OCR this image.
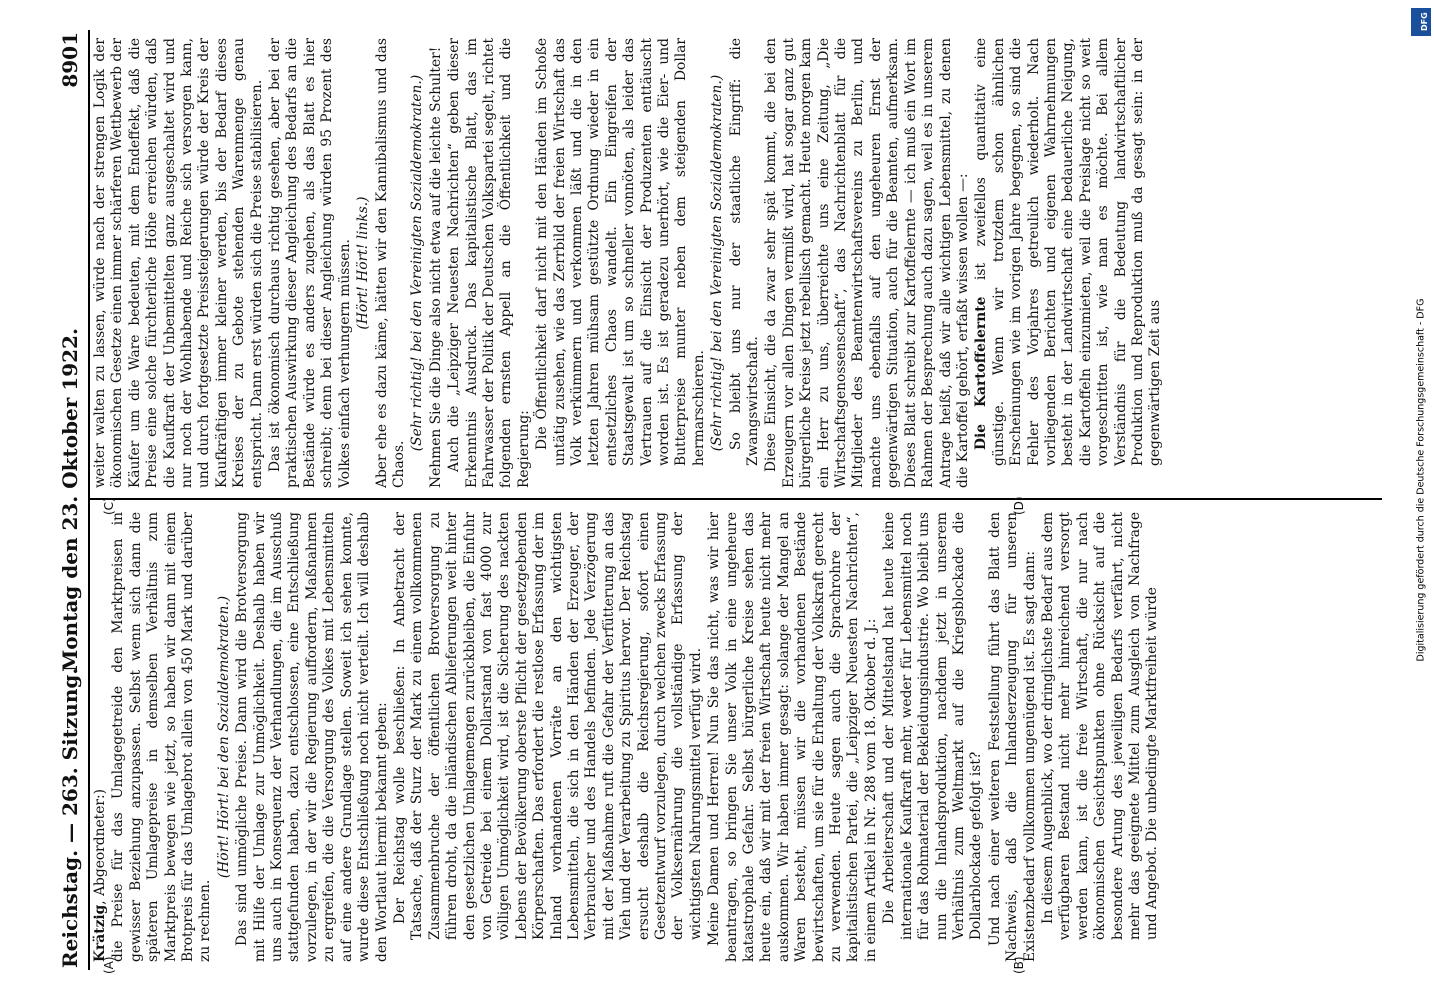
Reichstag. — 263. Sitzung.
Montag den 23. Oktober 1922.
8901
(A)	(B)
(C)	(D)

Krätzig, Abgeordneter:) die Preise für das Umlagegetreide den Marktpreisen in gewisser Beziehung anzupassen. Selbst wenn sich dann die späteren Umlagepreise in demselben Verhältnis zum Marktpreis bewegen wie jetzt, so haben wir dann mit einem Brotpreis für das Umlagebrot allein von 450 Mark und darüber zu rechnen.

(Hört! Hört! bei den Sozialdemokraten.) Das sind unmögliche Preise. Dann wird die Brotversorgung mit Hilfe der Umlage zur Unmöglichkeit. Deshalb haben wir uns auch in Konsequenz der Verhandlungen, die im Ausschuß stattgefunden haben, dazu entschlossen, eine Entschließung vorzulegen, in der wir die Regierung auffordern, Maßnahmen zu ergreifen, die die Versorgung des Volkes mit Lebensmitteln auf eine andere Grundlage stellen. Soweit ich sehen konnte, wurde diese Entschließung noch nicht verteilt. Ich will deshalb den Wortlaut hiermit bekannt geben: Der Reichstag wolle beschließen: In Anbetracht der Tatsache, daß der Sturz der Mark zu einem vollkommenen Zusammenbruche der öffentlichen Brotversorgung zu führen droht, da die inländischen Ablieferungen weit hinter den gesetzlichen Umlagemengen zurückbleiben, die Einfuhr von Getreide bei einem Dollarstand von fast 4000 zur völligen Unmöglichkeit wird, ist die Sicherung des nackten Lebens der Bevölkerung oberste Pflicht der gesetzgebenden Körperschaften. Das erfordert die restlose Erfassung der im Inland vorhandenen Vorräte an den wichtigsten Lebensmitteln, die sich in den Händen der Erzeuger, der Verbraucher und des Handels befinden. Jede Verzögerung mit der Maßnahme ruft die Gefahr der Verfütterung an das Vieh und der Verarbeitung zu Spiritus hervor. Der Reichstag ersucht deshalb die Reichsregierung, sofort einen Gesetzentwurf vorzulegen, durch welchen zwecks Erfassung der Volksernährung die vollständige Erfassung der wichtigsten Nahrungsmittel verfügt wird. Meine Damen und Herren! Nun Sie das nicht, was wir hier beantragen, so bringen Sie unser Volk in eine ungeheure katastrophale Gefahr. Selbst bürgerliche Kreise sehen das heute ein, daß wir mit der freien Wirtschaft heute nicht mehr auskommen. Wir haben immer gesagt: solange der Mangel an Waren besteht, müssen wir die vorhandenen Bestände bewirtschaften, um sie für die Erhaltung der Volkskraft gerecht zu verwenden. Heute sagen auch die Sprachrohre der kapitalistischen Partei, die „Leipziger Neuesten Nachrichten“, in einem Artikel in Nr. 288 vom 18. Oktober d. J.: Die Arbeiterschaft und der Mittelstand hat heute keine internationale Kaufkraft mehr, weder für Lebensmittel noch für das Rohmaterial der Bekleidungsindustrie. Wo bleibt uns nun die Inlandsproduktion, nachdem jetzt in unserem Verhältnis zum Weltmarkt auf die Kriegsblockade die Dollarblockade gefolgt ist? Und nach einer weiteren Feststellung führt das Blatt den Nachweis, daß die Inlandserzeugung für unseren Existenzbedarf vollkommen ungenügend ist. Es sagt dann: In diesem Augenblick, wo der dringlichste Bedarf aus dem verfügbaren Bestand nicht mehr hinreichend versorgt werden kann, ist die freie Wirtschaft, die nur nach ökonomischen Gesichtspunkten ohne Rücksicht auf die besondere Artung des jeweiligen Bedarfs verfährt, nicht mehr das geeignete Mittel zum Ausgleich von Nachfrage und Angebot. Die unbedingte Marktfreiheit würde

weiter walten zu lassen, würde nach der strengen Logik der ökonomischen Gesetze einen immer schärferen Wettbewerb der Käufer um die Ware bedeuten, mit dem Endeffekt, daß die Preise eine solche fürchterliche Höhe erreichen würden, daß die Kaufkraft der Unbemittelten ganz ausgeschaltet wird und nur noch der Wohlhabende und Reiche sich versorgen kann, und durch fortgesetzte Preissteigerungen würde der Kreis der Kaufkräftigen immer kleiner werden, bis der Bedarf dieses Kreises der zu Gebote stehenden Warenmenge genau entspricht. Dann erst würden sich die Preise stabilisieren. Das ist ökonomisch durchaus richtig gesehen, aber bei der praktischen Auswirkung dieser Angleichung des Bedarfs an die Bestände würde es anders zugehen, als das Blatt es hier schreibt; denn bei dieser Angleichung würden 95 Prozent des Volkes einfach verhungern müssen. (Hört! Hört! links.) Aber ehe es dazu käme, hätten wir den Kannibalismus und das Chaos.

(Sehr richtig! bei den Vereinigten Sozialdemokraten.) Nehmen Sie die Dinge also nicht etwa auf die leichte Schulter! Auch die „Leipziger Neuesten Nachrichten“ geben dieser Erkenntnis Ausdruck. Das kapitalistische Blatt, das im Fahrwasser der Politik der Deutschen Volkspartei segelt, richtet folgenden ernsten Appell an die Öffentlichkeit und die Regierung: Die Öffentlichkeit darf nicht mit den Händen im Schoße untätig zusehen, wie das Zerrbild der freien Wirtschaft das Volk verkümmern und verkommen läßt und die in den letzten Jahren mühsam gestützte Ordnung wieder in ein entsetzliches Chaos wandelt. Ein Eingreifen der Staatsgewalt ist um so schneller vonnöten, als leider das Vertrauen auf die Einsicht der Produzenten enttäuscht worden ist. Es ist geradezu unerhört, wie die Eier- und Butterpreise munter neben dem steigenden Dollar hermarschieren. (Sehr richtig! bei den Vereinigten Sozialdemokraten.) So bleibt uns nur der staatliche Eingriff: die Zwangswirtschaft. Diese Einsicht, die da zwar sehr spät kommt, die bei den Erzeugern vor allen Dingen vermißt wird, hat sogar ganz gut bürgerliche Kreise jetzt rebellisch gemacht. Heute morgen kam ein Herr zu uns, überreichte uns eine Zeitung, „Die Wirtschaftsgenossenschaft“, das Nachrichtenblatt für die Mitglieder des Beamtenwirtschaftsvereins zu Berlin, und machte uns ebenfalls auf den ungeheuren Ernst der gegenwärtigen Situation, auch für die Beamten, aufmerksam. Dieses Blatt schreibt zur Kartoffelernte — ich muß ein Wort im Rahmen der Besprechung auch dazu sagen, weil es in unserem Antrage heißt, daß wir alle wichtigen Lebensmittel, zu denen die Kartoffel gehört, erfaßt wissen wollen —: Die Kartoffelernte ist zweifellos quantitativ eine günstige. Wenn wir trotzdem schon ähnlichen Erscheinungen wie im vorigen Jahre begegnen, so sind die Fehler des Vorjahres getreulich wiederholt. Nach vorliegenden Berichten und eigenen Wahrnehmungen besteht in der Landwirtschaft eine bedauerliche Neigung, die Kartoffeln einzumieten, weil die Preislage nicht so weit vorgeschritten ist, wie man es möchte. Bei allem Verständnis für die Bedeutung landwirtschaftlicher Produktion und Reproduktion muß da gesagt sein: in der gegenwärtigen Zeit aus

DFG
Digitalisierung gefördert durch die Deutsche Forschungsgemeinschaft - DFG
